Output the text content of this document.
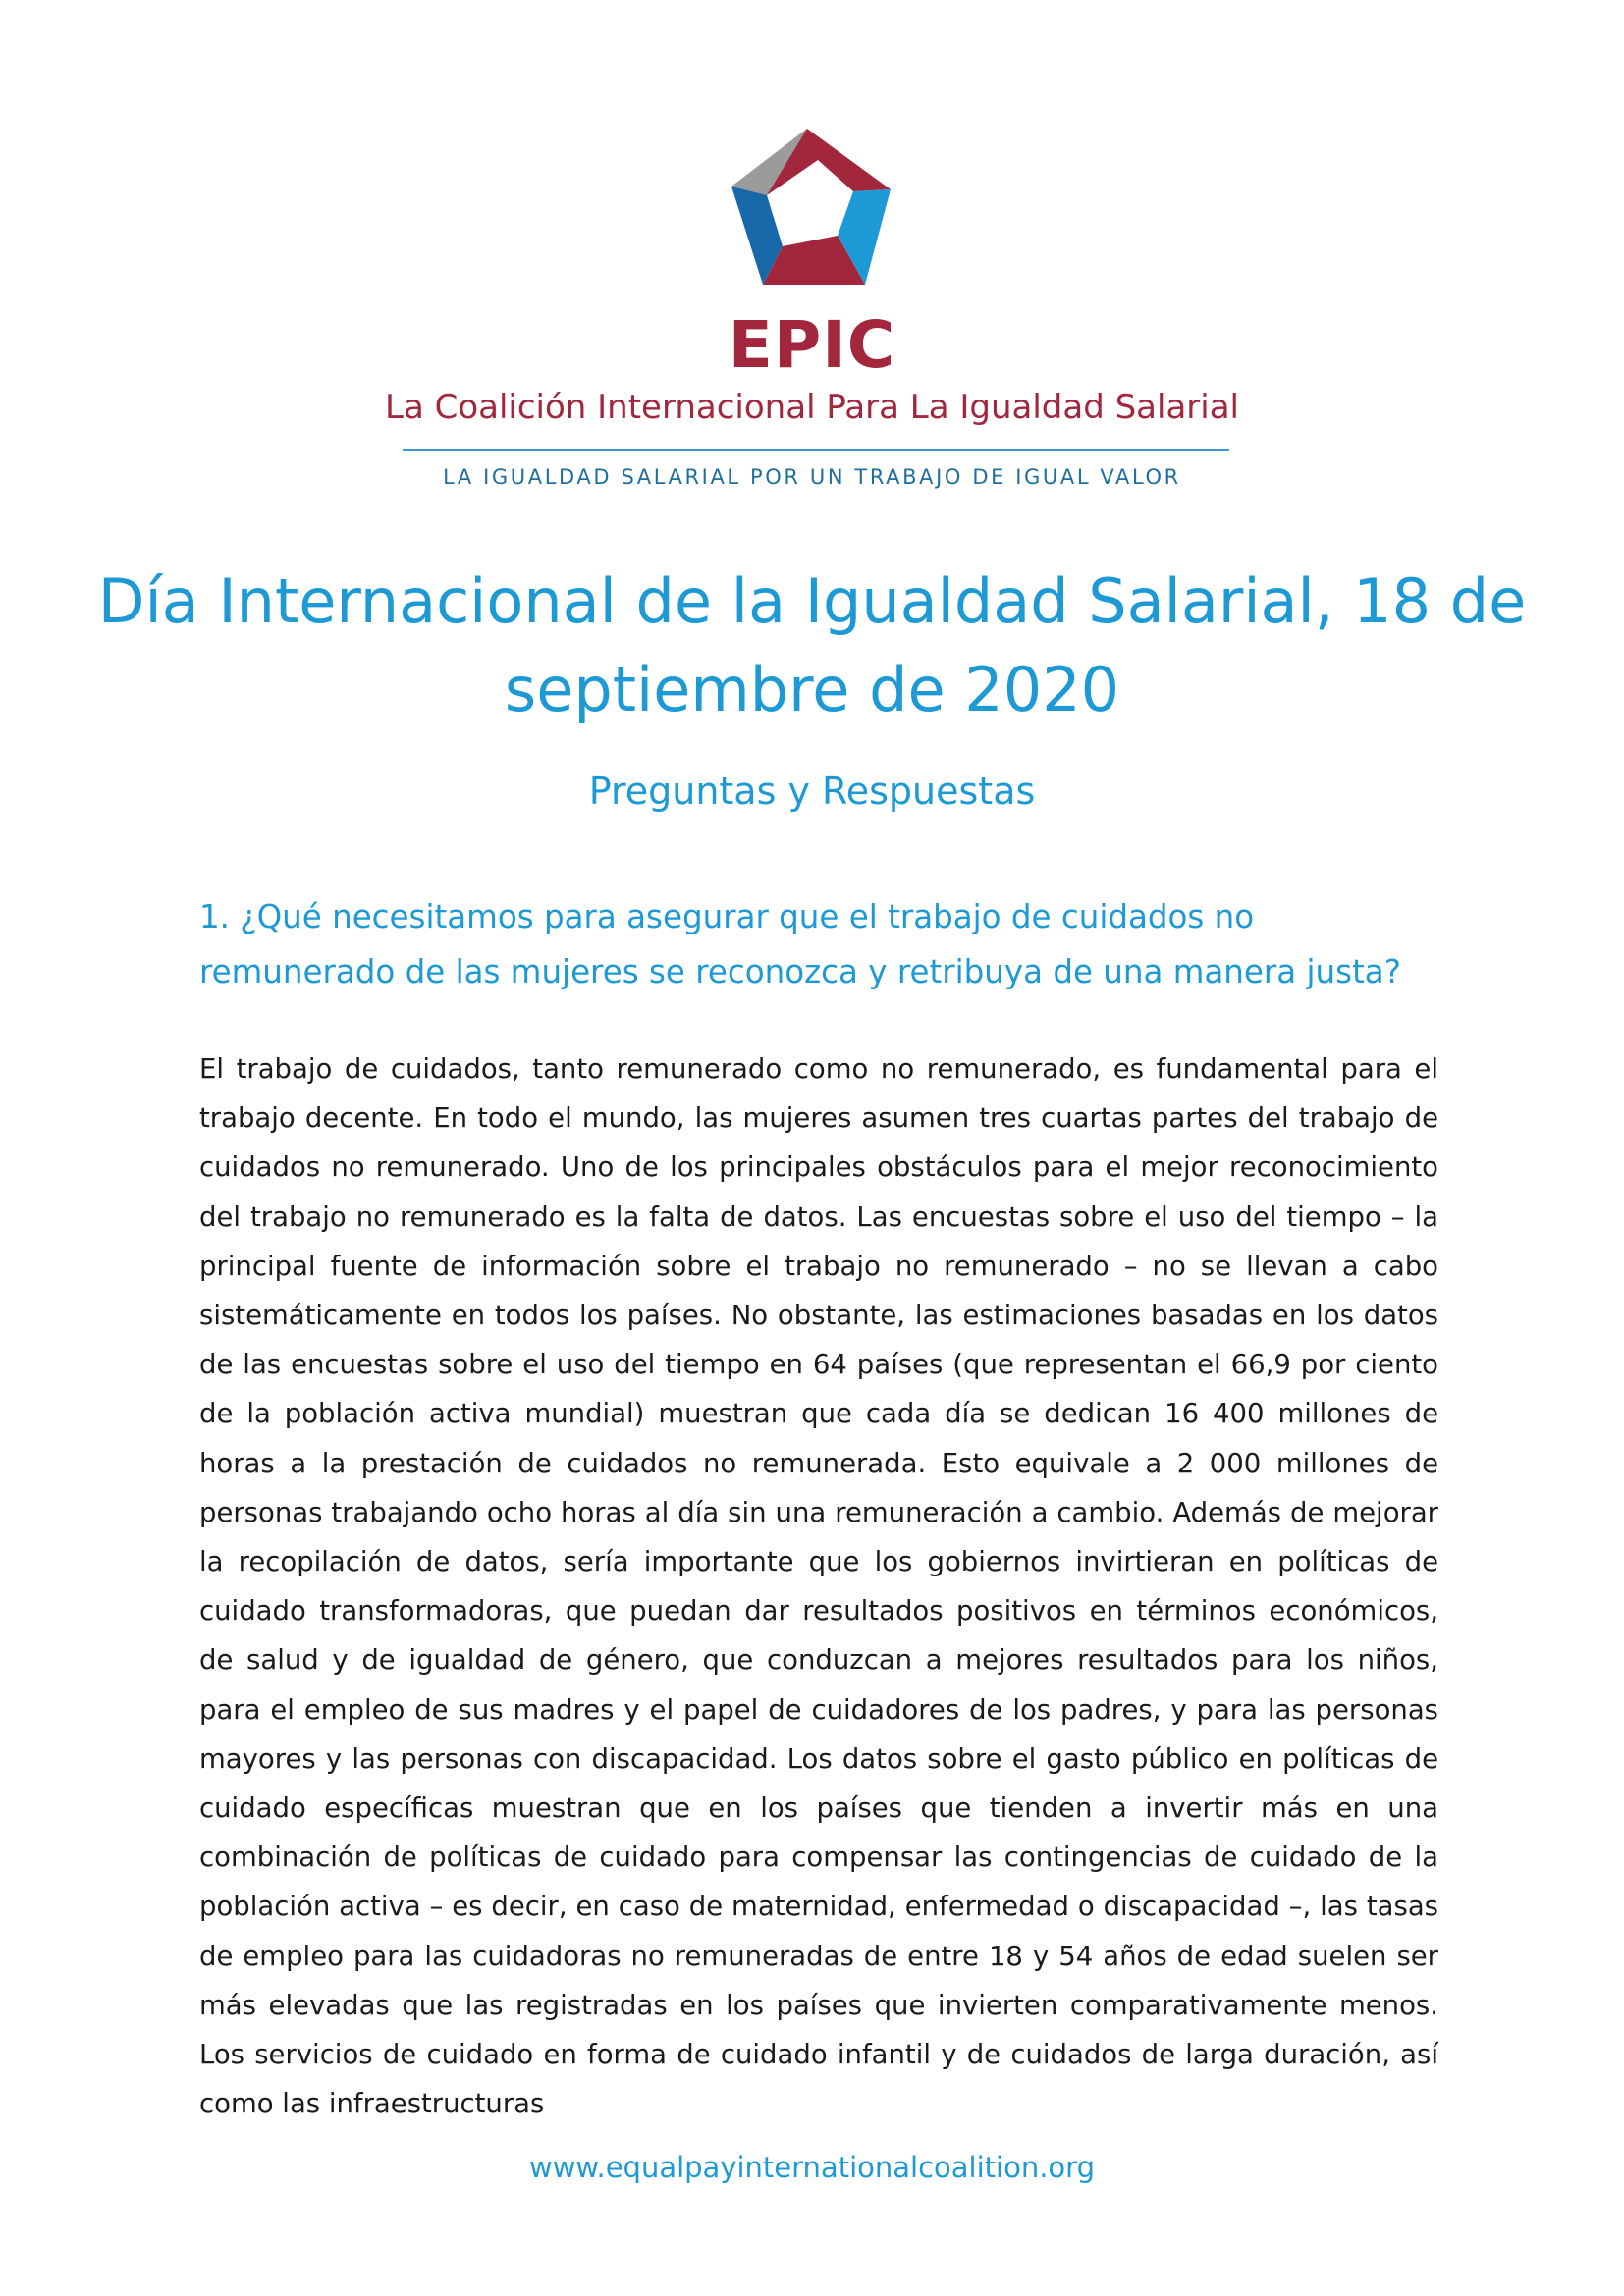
EPIC
La Coalición Internacional Para La Igualdad Salarial
LA IGUALDAD SALARIAL POR UN TRABAJO DE IGUAL VALOR
Día Internacional de la Igualdad Salarial, 18 de septiembre de 2020
Preguntas y Respuestas
1. ¿Qué necesitamos para asegurar que el trabajo de cuidados no remunerado de las mujeres se reconozca y retribuya de una manera justa?

El trabajo de cuidados, tanto remunerado como no remunerado, es fundamental para el trabajo decente. En todo el mundo, las mujeres asumen tres cuartas partes del trabajo de cuidados no remunerado. Uno de los principales obstáculos para el mejor reconocimiento del trabajo no remunerado es la falta de datos. Las encuestas sobre el uso del tiempo – la principal fuente de información sobre el trabajo no remunerado – no se llevan a cabo sistemáticamente en todos los países. No obstante, las estimaciones basadas en los datos de las encuestas sobre el uso del tiempo en 64 países (que representan el 66,9 por ciento de la población activa mundial) muestran que cada día se dedican 16 400 millones de horas a la prestación de cuidados no remunerada. Esto equivale a 2 000 millones de personas trabajando ocho horas al día sin una remuneración a cambio. Además de mejorar la recopilación de datos, sería importante que los gobiernos invirtieran en políticas de cuidado transformadoras, que puedan dar resultados positivos en términos económicos, de salud y de igualdad de género, que conduzcan a mejores resultados para los niños, para el empleo de sus madres y el papel de cuidadores de los padres, y para las personas mayores y las personas con discapacidad. Los datos sobre el gasto público en políticas de cuidado específicas muestran que en los países que tienden a invertir más en una combinación de políticas de cuidado para compensar las contingencias de cuidado de la población activa – es decir, en caso de maternidad, enfermedad o discapacidad –, las tasas de empleo para las cuidadoras no remuneradas de entre 18 y 54 años de edad suelen ser más elevadas que las registradas en los países que invierten comparativamente menos. Los servicios de cuidado en forma de cuidado infantil y de cuidados de larga duración, así como las infraestructuras

www.equalpayinternationalcoalition.org
